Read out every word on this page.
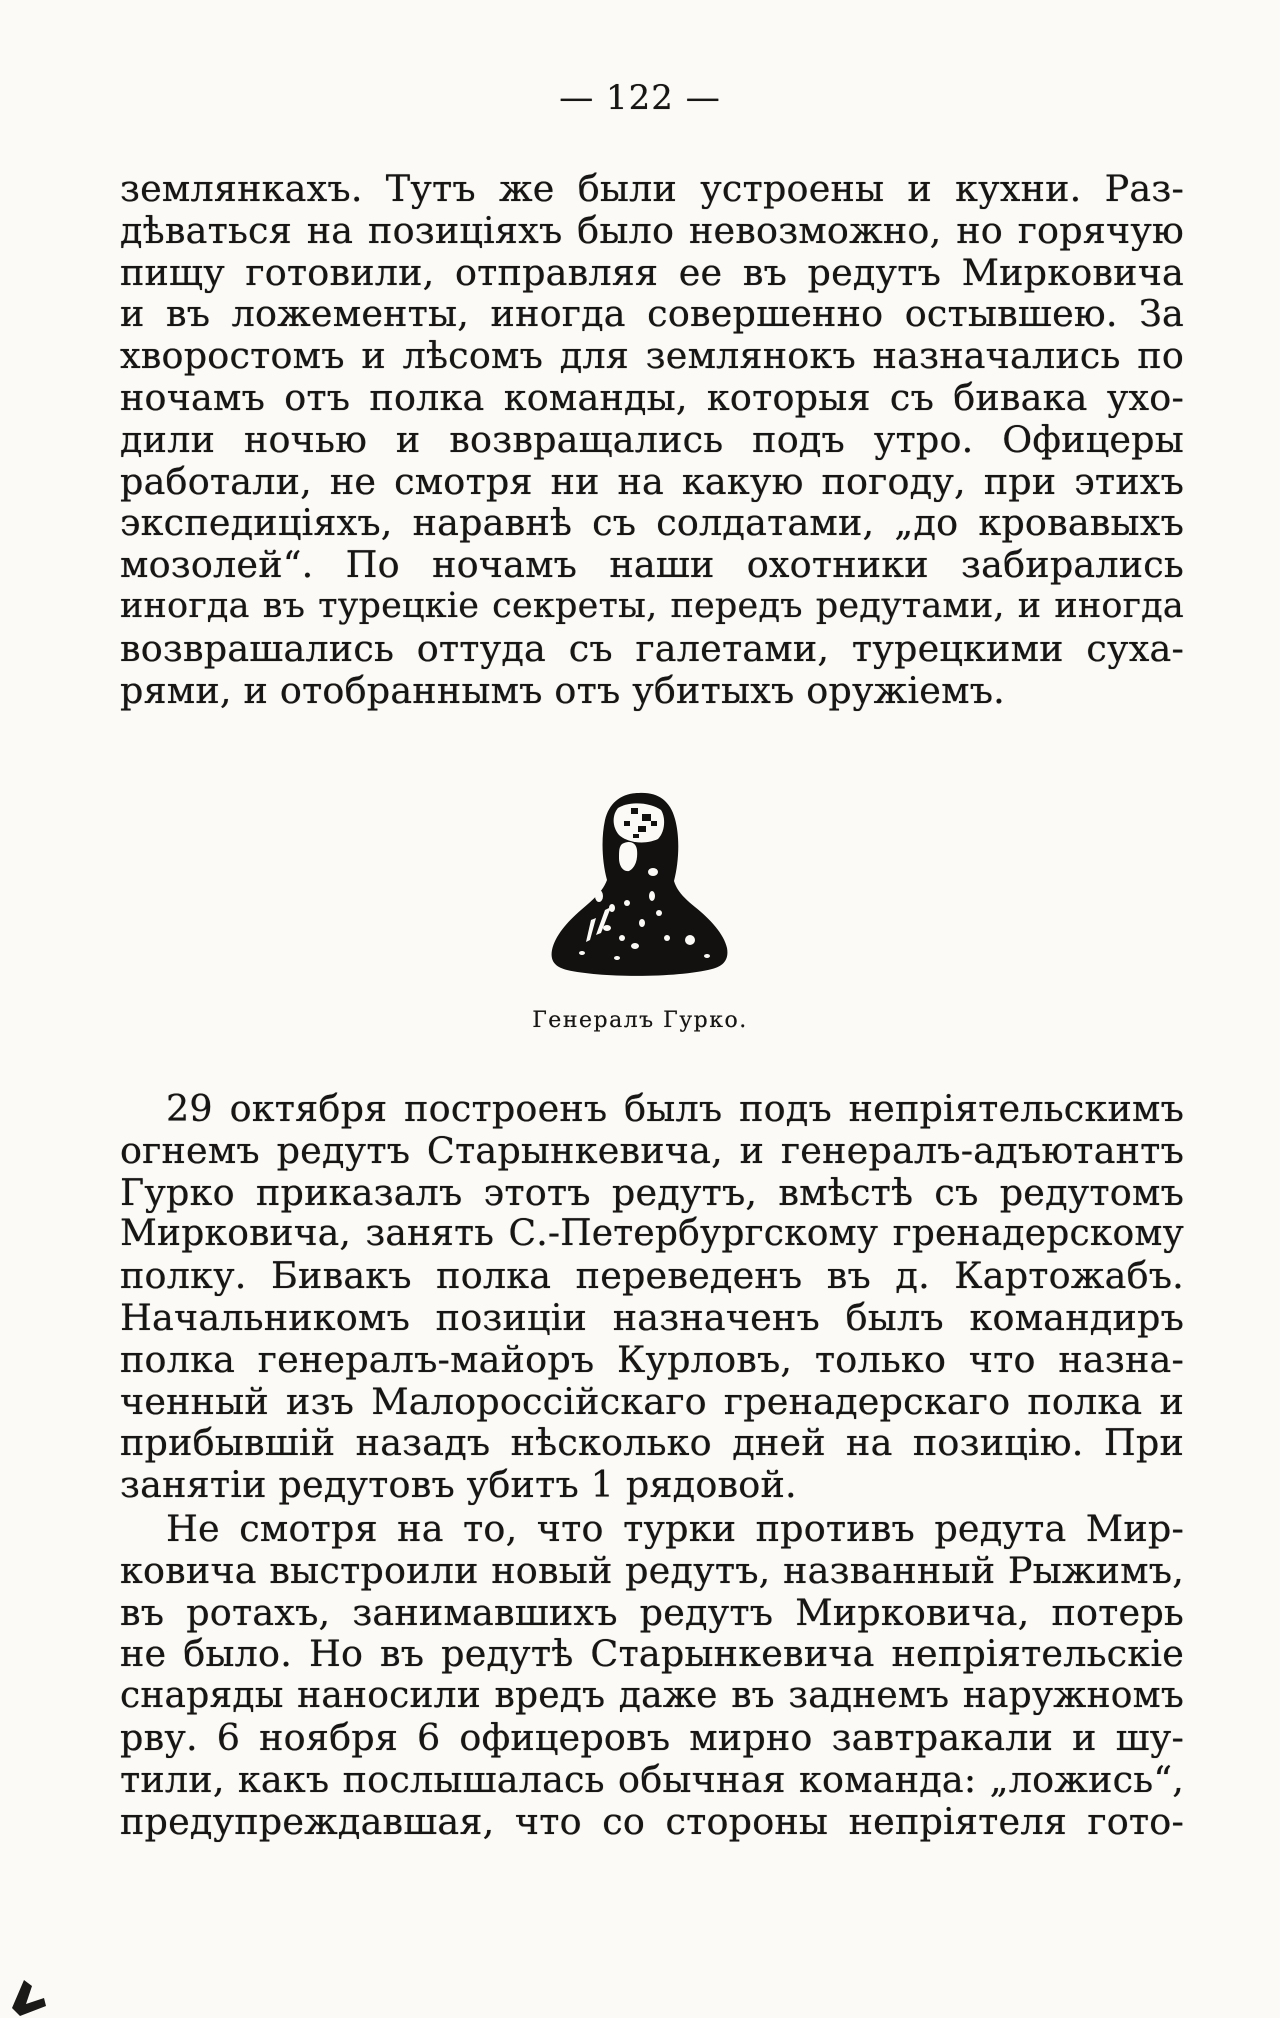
— 122 —
землянкахъ. Тутъ же были устроены и кухни. Раз-
дѣваться на позиціяхъ было невозможно, но горячую
пищу готовили, отправляя ее въ редутъ Мирковича
и въ ложементы, иногда совершенно остывшею. За
хворостомъ и лѣсомъ для землянокъ назначались по
ночамъ отъ полка команды, которыя съ бивака ухо-
дили ночью и возвращались подъ утро. Офицеры
работали, не смотря ни на какую погоду, при этихъ
экспедиціяхъ, наравнѣ съ солдатами, „до кровавыхъ
мозолей“. По ночамъ наши охотники забирались
иногда въ турецкіе секреты, передъ редутами, и иногда
возврашались оттуда съ галетами, турецкими суха-
рями, и отобраннымъ отъ убитыхъ оружіемъ.
Генералъ Гурко.
29 октября построенъ былъ подъ непріятельскимъ
огнемъ редутъ Старынкевича, и генералъ-адъютантъ
Гурко приказалъ этотъ редутъ, вмѣстѣ съ редутомъ
Мирковича, занять С.-Петербургскому гренадерскому
полку. Бивакъ полка переведенъ въ д. Картожабъ.
Начальникомъ позиціи назначенъ былъ командиръ
полка генералъ-майоръ Курловъ, только что назна-
ченный изъ Малороссійскаго гренадерскаго полка и
прибывшій назадъ нѣсколько дней на позицію. При
занятіи редутовъ убитъ 1 рядовой.
Не смотря на то, что турки противъ редута Мир-
ковича выстроили новый редутъ, названный Рыжимъ,
въ ротахъ, занимавшихъ редутъ Мирковича, потерь
не было. Но въ редутѣ Старынкевича непріятельскіе
снаряды наносили вредъ даже въ заднемъ наружномъ
рву. 6 ноября 6 офицеровъ мирно завтракали и шу-
тили, какъ послышалась обычная команда: „ложись“,
предупреждавшая, что со стороны непріятеля гото-
